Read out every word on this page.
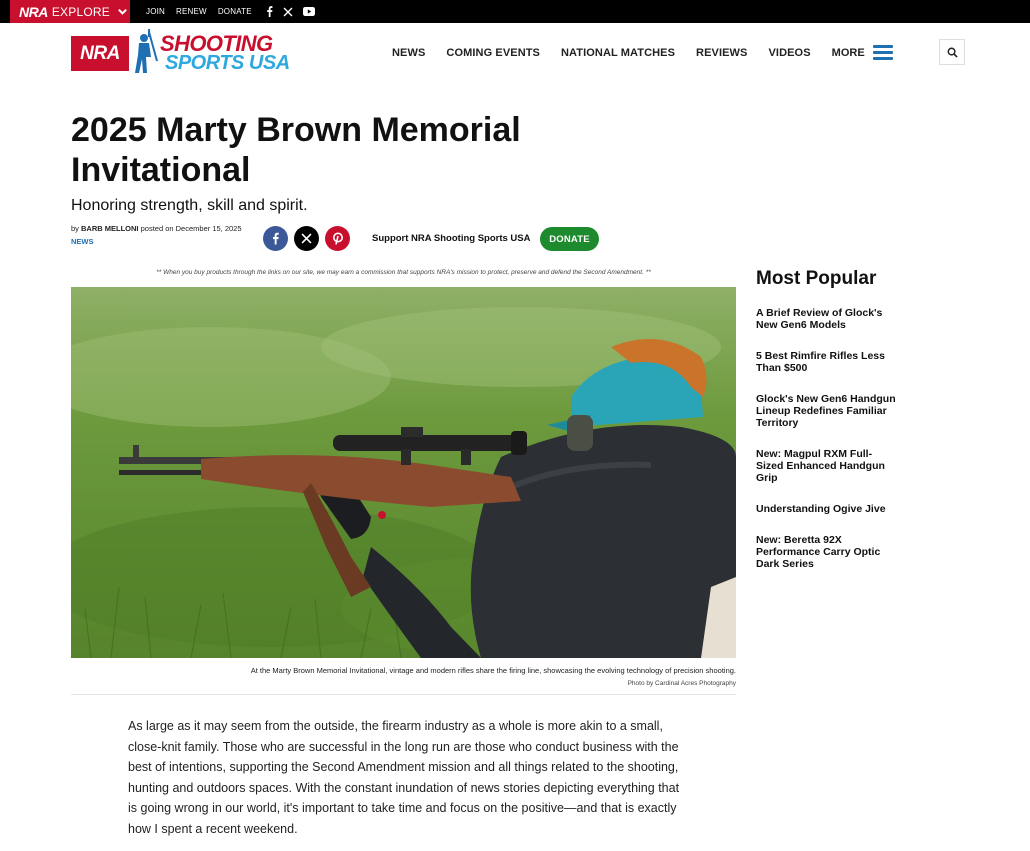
NRA EXPLORE	JOIN RENEW DONATE
NRA	SHOOTING
SPORTS USA	NEWS COMING EVENTS NATIONAL MATCHES REVIEWS VIDEOS MORE
2025 Marty Brown Memorial Invitational
Honoring strength, skill and spirit.
by BARB MELLONI posted on December 15, 2025
NEWS	Support NRA Shooting Sports USA	DONATE
** When you buy products through the links on our site, we may earn a commission that supports NRA's mission to protect, preserve and defend the Second Amendment. **
At the Marty Brown Memorial Invitational, vintage and modern rifles share the firing line, showcasing the evolving technology of precision shooting.
Photo by Cardinal Acres Photography

As large as it may seem from the outside, the firearm industry as a whole is more akin to a small, close-knit family. Those who are successful in the long run are those who conduct business with the best of intentions, supporting the Second Amendment mission and all things related to the shooting, hunting and outdoors spaces. With the constant inundation of news stories depicting everything that is going wrong in our world, it's important to take time and focus on the positive—and that is exactly how I spent a recent weekend.

Most Popular
A Brief Review of Glock's New Gen6 Models
5 Best Rimfire Rifles Less Than $500
Glock's New Gen6 Handgun Lineup Redefines Familiar Territory
New: Magpul RXM Full-Sized Enhanced Handgun Grip
Understanding Ogive Jive
New: Beretta 92X Performance Carry Optic Dark Series
